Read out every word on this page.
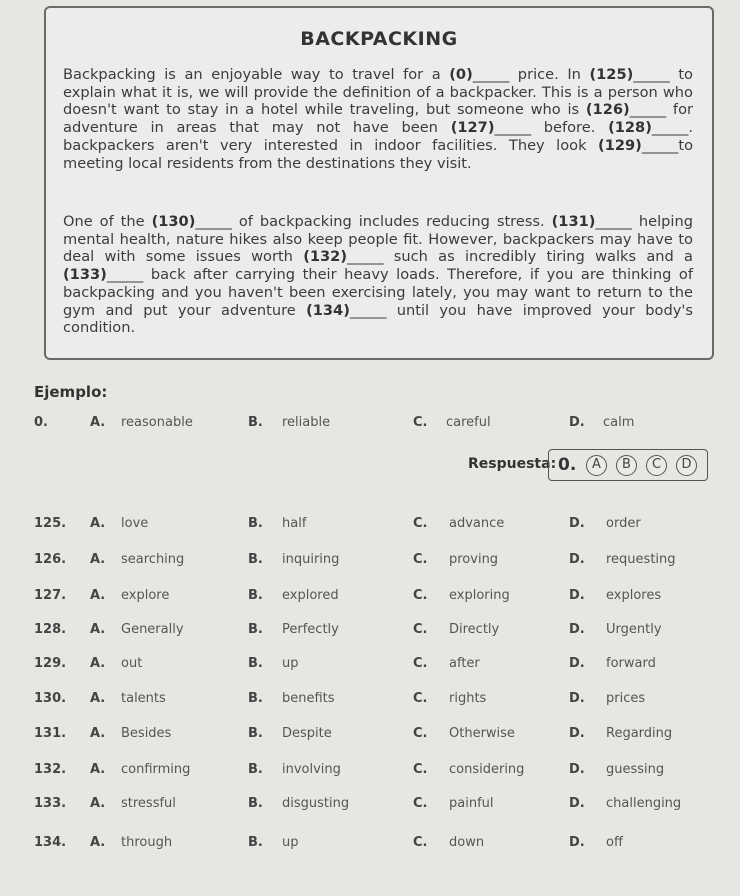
BACKPACKING
Backpacking is an enjoyable way to travel for a (0)_____ price. In (125)_____ to explain what it is, we will provide the definition of a backpacker. This is a person who doesn't want to stay in a hotel while traveling, but someone who is (126)_____ for adventure in areas that may not have been (127)_____ before. (128)_____. backpackers aren't very interested in indoor facilities. They look (129)_____to meeting local residents from the destinations they visit.
One of the (130)_____ of backpacking includes reducing stress. (131)_____ helping mental health, nature hikes also keep people fit. However, backpackers may have to deal with some issues worth (132)_____ such as incredibly tiring walks and a (133)_____ back after carrying their heavy loads. Therefore, if you are thinking of backpacking and you haven't been exercising lately, you may want to return to the gym and put your adventure (134)_____ until you have improved your body's condition.
Ejemplo:
0.	A. reasonable	B. reliable	C. careful	D. calm
Respuesta: 0.	A	B	C	D
125. A. love	B. half	C. advance	D. order
126. A. searching	B. inquiring	C. proving	D. requesting
127. A. explore	B. explored	C. exploring	D. explores
128. A. Generally	B. Perfectly	C. Directly	D. Urgently
129. A. out	B. up	C. after	D. forward
130. A. talents	B. benefits	C. rights	D. prices
131. A. Besides	B. Despite	C. Otherwise	D. Regarding
132. A. confirming	B. involving	C. considering	D. guessing
133. A. stressful	B. disgusting	C. painful	D. challenging
134. A. through	B. up	C. down	D. off
